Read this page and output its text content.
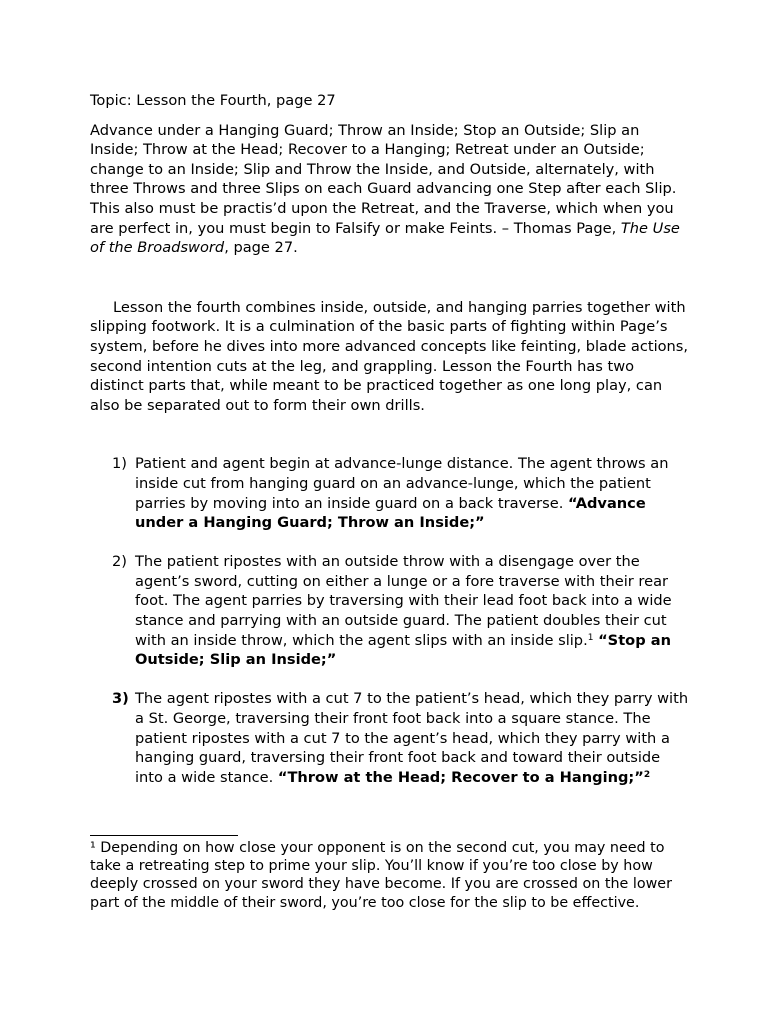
Topic: Lesson the Fourth, page 27

Advance under a Hanging Guard; Throw an Inside; Stop an Outside; Slip an Inside; Throw at the Head; Recover to a Hanging; Retreat under an Outside; change to an Inside; Slip and Throw the Inside, and Outside, alternately, with three Throws and three Slips on each Guard advancing one Step after each Slip. This also must be practis’d upon the Retreat, and the Traverse, which when you are perfect in, you must begin to Falsify or make Feints. – Thomas Page, The Use of the Broadsword, page 27.

Lesson the fourth combines inside, outside, and hanging parries together with slipping footwork. It is a culmination of the basic parts of fighting within Page’s system, before he dives into more advanced concepts like feinting, blade actions, second intention cuts at the leg, and grappling. Lesson the Fourth has two distinct parts that, while meant to be practiced together as one long play, can also be separated out to form their own drills.

1) Patient and agent begin at advance-lunge distance. The agent throws an inside cut from hanging guard on an advance-lunge, which the patient parries by moving into an inside guard on a back traverse. “Advance under a Hanging Guard; Throw an Inside;”
2) The patient ripostes with an outside throw with a disengage over the agent’s sword, cutting on either a lunge or a fore traverse with their rear foot. The agent parries by traversing with their lead foot back into a wide stance and parrying with an outside guard. The patient doubles their cut with an inside throw, which the agent slips with an inside slip.$^1$ “Stop an Outside; Slip an Inside;”
3) The agent ripostes with a cut 7 to the patient’s head, which they parry with a St. George, traversing their front foot back into a square stance. The patient ripostes with a cut 7 to the agent’s head, which they parry with a hanging guard, traversing their front foot back and toward their outside into a wide stance. “Throw at the Head; Recover to a Hanging;”$^2$

¹ Depending on how close your opponent is on the second cut, you may need to take a retreating step to prime your slip. You’ll know if you’re too close by how deeply crossed on your sword they have become. If you are crossed on the lower part of the middle of their sword, you’re too close for the slip to be effective.
